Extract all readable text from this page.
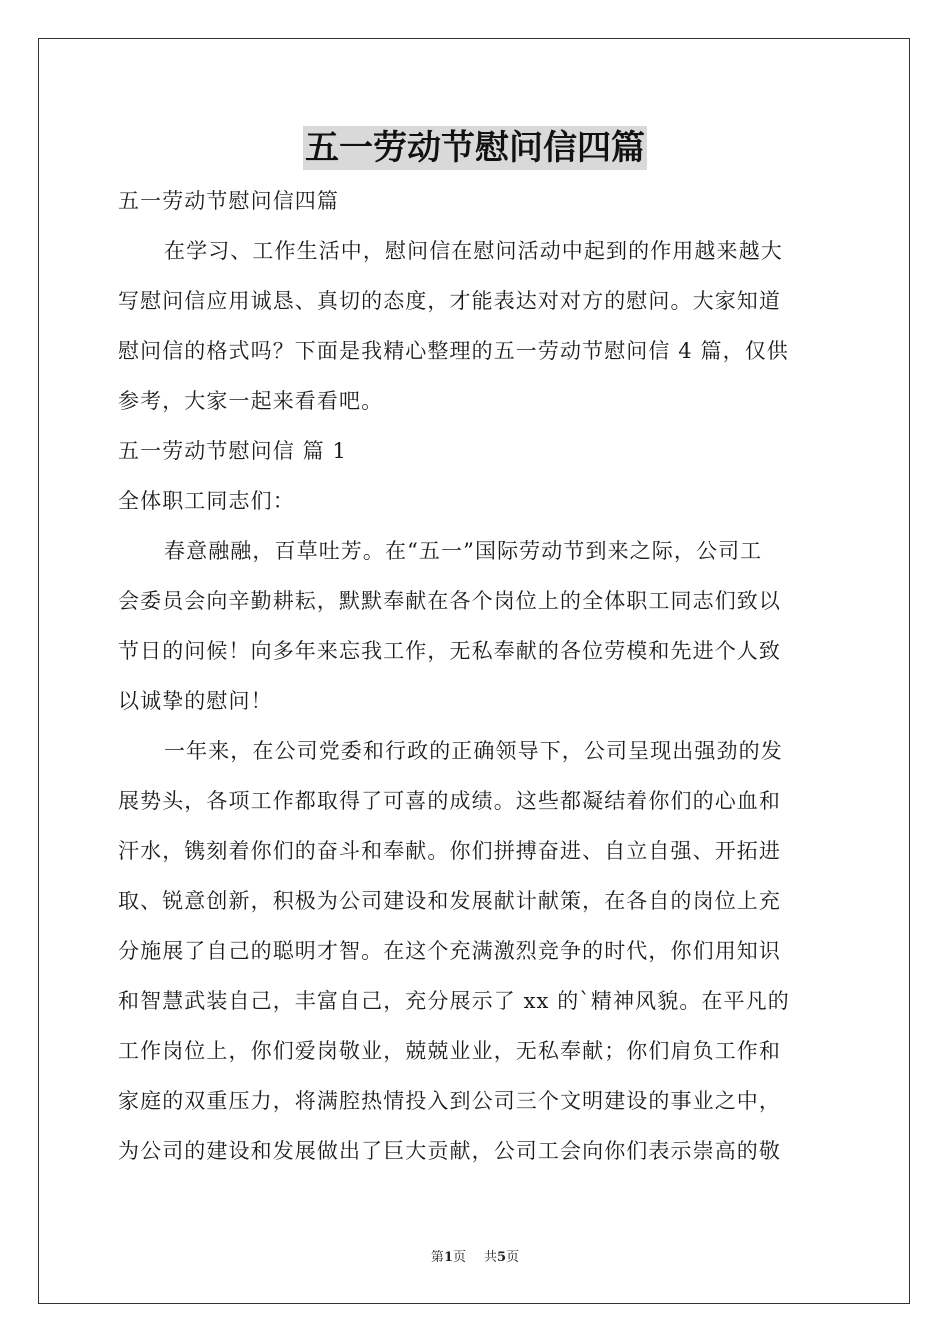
五一劳动节慰问信四篇
五一劳动节慰问信四篇
在学习、工作生活中，慰问信在慰问活动中起到的作用越来越大
写慰问信应用诚恳、真切的态度，才能表达对对方的慰问。大家知道
慰问信的格式吗？下面是我精心整理的五一劳动节慰问信 4 篇，仅供
参考，大家一起来看看吧。
五一劳动节慰问信 篇 1
全体职工同志们：
春意融融，百草吐芳。在“五一”国际劳动节到来之际，公司工
会委员会向辛勤耕耘，默默奉献在各个岗位上的全体职工同志们致以
节日的问候！向多年来忘我工作，无私奉献的各位劳模和先进个人致
以诚挚的慰问！
一年来，在公司党委和行政的正确领导下，公司呈现出强劲的发
展势头，各项工作都取得了可喜的成绩。这些都凝结着你们的心血和
汗水，镌刻着你们的奋斗和奉献。你们拼搏奋进、自立自强、开拓进
取、锐意创新，积极为公司建设和发展献计献策，在各自的岗位上充
分施展了自己的聪明才智。在这个充满激烈竞争的时代，你们用知识
和智慧武装自己，丰富自己，充分展示了 xx 的`精神风貌。在平凡的
工作岗位上，你们爱岗敬业，兢兢业业，无私奉献；你们肩负工作和
家庭的双重压力，将满腔热情投入到公司三个文明建设的事业之中，
为公司的建设和发展做出了巨大贡献，公司工会向你们表示崇高的敬
第1页 共5页
